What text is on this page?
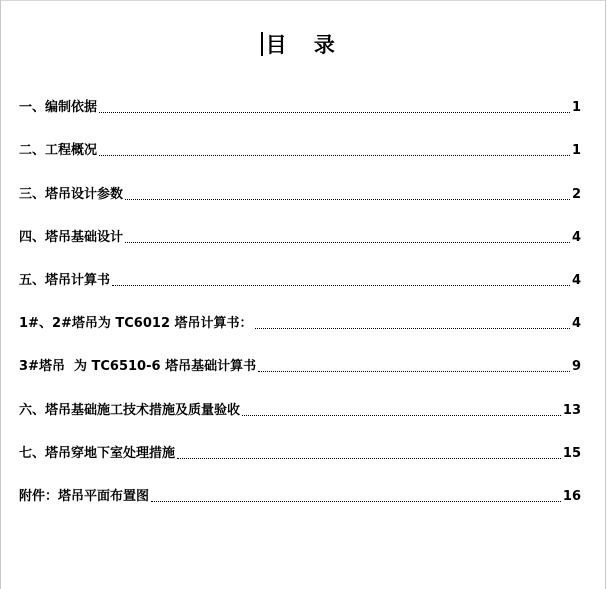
目 录
一、编制依据	1
二、工程概况	1
三、塔吊设计参数	2
四、塔吊基础设计	4
五、塔吊计算书	4
1#、2#塔吊为 TC6012 塔吊计算书：	4
3#塔吊  为 TC6510-6 塔吊基础计算书	9
六、塔吊基础施工技术措施及质量验收	13
七、塔吊穿地下室处理措施	15
附件：塔吊平面布置图	16
